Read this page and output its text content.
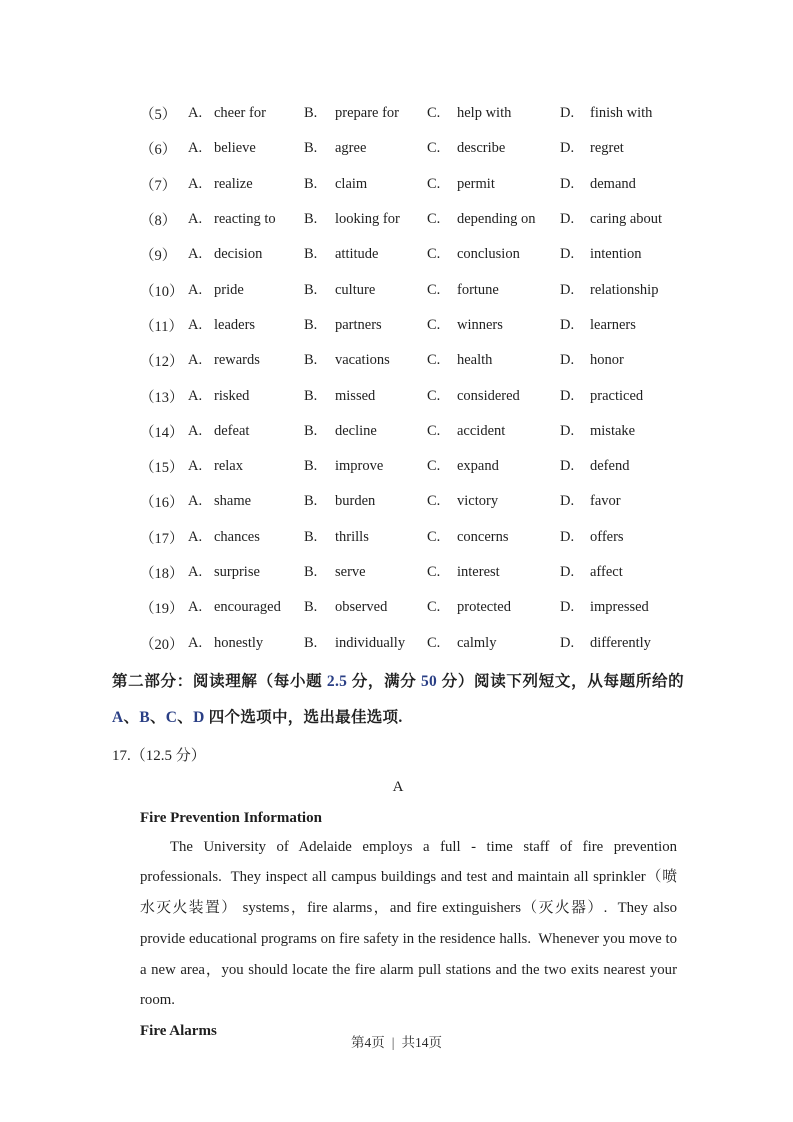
（5） A. cheer for	B.	prepare for	C.	help with	D.	finish with
（6） A. believe	B.	agree	C.	describe	D.	regret
（7） A. realize	B.	claim	C.	permit	D.	demand
（8） A. reacting to	B.	looking for	C.	depending on	D.	caring about
（9） A. decision	B.	attitude	C.	conclusion	D.	intention
（10） A. pride	B.	culture	C.	fortune	D.	relationship
（11） A. leaders	B.	partners	C.	winners	D.	learners
（12） A. rewards	B.	vacations	C.	health	D.	honor
（13） A. risked	B.	missed	C.	considered	D.	practiced
（14） A. defeat	B.	decline	C.	accident	D.	mistake
（15） A. relax	B.	improve	C.	expand	D.	defend
（16） A. shame	B.	burden	C.	victory	D.	favor
（17） A. chances	B.	thrills	C.	concerns	D.	offers
（18） A. surprise	B.	serve	C.	interest	D.	affect
（19） A. encouraged	B.	observed	C.	protected	D.	impressed
（20） A. honestly	B.	individually	C.	calmly	D.	differently
第二部分：阅读理解（每小题 2.5 分，满分 50 分）阅读下列短文，从每题所给的 A、B、C、D 四个选项中，选出最佳选项.
17.（12.5 分）
A
Fire Prevention Information
The University of Adelaide employs a full - time staff of fire prevention professionals.  They inspect all campus buildings and test and maintain all sprinkler（喷水灭火装置） systems，fire alarms，and fire extinguishers（灭火器）.  They also provide educational programs on fire safety in the residence halls.  Whenever you move to a new area，you should locate the fire alarm pull stations and the two exits nearest your room.
Fire Alarms
第4页 | 共14页
